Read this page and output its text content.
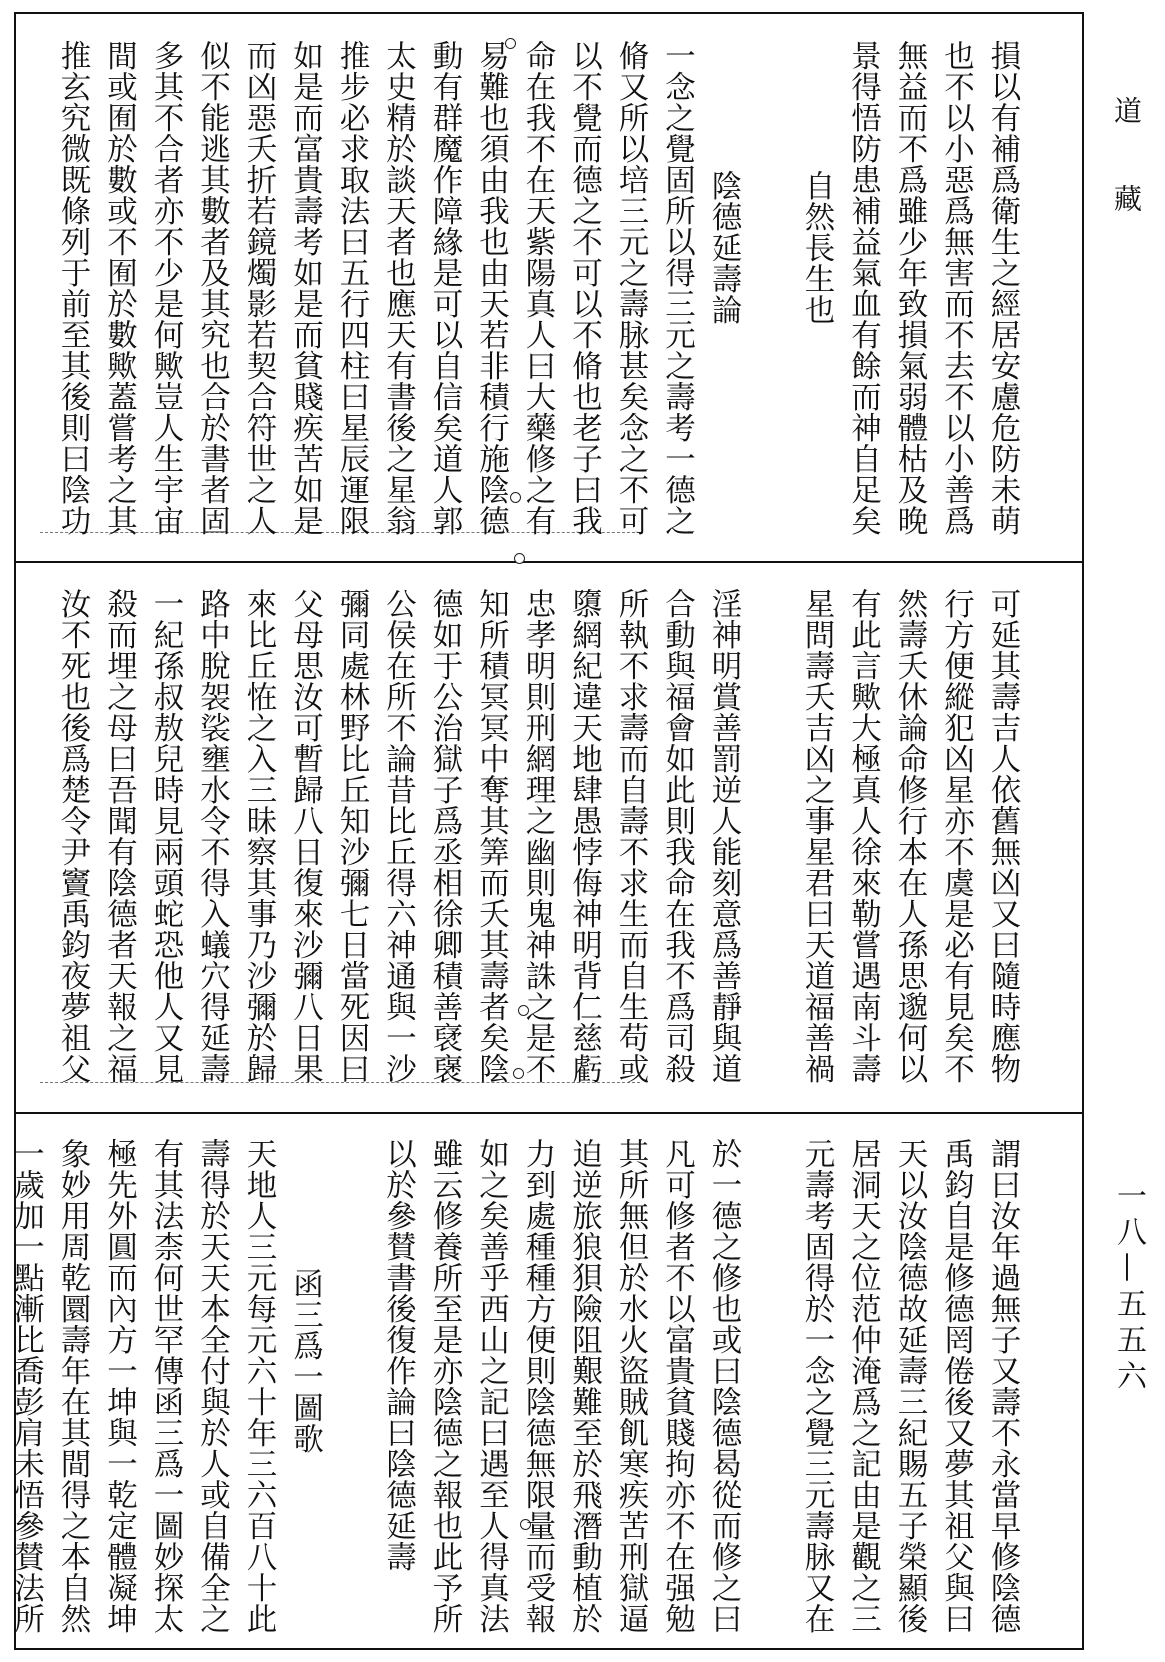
道藏
一八—五五六
損以有補爲衛生之經居安慮危防未萌
也不以小惡爲無害而不去不以小善爲
無益而不爲雖少年致損氣弱體枯及晚
景得悟防患補益氣血有餘而神自足矣
自然長生也
陰德延壽論
一念之覺固所以得三元之壽考一德之
脩又所以培三元之壽脉甚矣念之不可
以不覺而德之不可以不脩也老子曰我
命在我不在天紫陽真人曰大藥修之有
易難也須由我也由天若非積行施陰德
動有群魔作障緣是可以自信矣道人郭
太史精於談天者也應天有書後之星翁
推步必求取法曰五行四柱曰星辰運限
如是而富貴壽考如是而貧賤疾苦如是
而凶惡夭折若鏡燭影若契合符世之人
似不能逃其數者及其究也合於書者固
多其不合者亦不少是何歟豈人生宇宙
間或囿於數或不囿於數歟蓋嘗考之其
推玄究微既條列于前至其後則曰陰功
可延其壽吉人依舊無凶又曰隨時應物
行方便縱犯凶星亦不虞是必有見矣不
然壽夭休論命修行本在人孫思邈何以
有此言歟大極真人徐來勒嘗遇南斗壽
星問壽夭吉凶之事星君曰天道福善禍
淫神明賞善罰逆人能刻意爲善靜與道
合動與福會如此則我命在我不爲司殺
所執不求壽而自壽不求生而自生苟或
隳網紀違天地肆愚悖侮神明背仁慈虧
忠孝明則刑網理之幽則鬼神誅之是不
知所積冥冥中奪其筭而夭其壽者矣陰
德如于公治獄子爲丞相徐卿積善裦襃
公侯在所不論昔比丘得六神通與一沙
彌同處林野比丘知沙彌七日當死因曰
父母思汝可暫歸八日復來沙彌八日果
來比丘恠之入三昧察其事乃沙彌於歸
路中脫袈裟壅水令不得入蟻穴得延壽
一紀孫叔敖兒時見兩頭蛇恐他人又見
殺而埋之母曰吾聞有陰德者天報之福
汝不死也後爲楚令尹竇禹鈞夜夢祖父
謂曰汝年過無子又壽不永當早修陰德
禹鈞自是修德罔倦後又夢其祖父與曰
天以汝陰德故延壽三紀賜五子榮顯後
居洞天之位范仲淹爲之記由是觀之三
元壽考固得於一念之覺三元壽脉又在
於一德之修也或曰陰德曷從而修之曰
凡可修者不以富貴貧賤拘亦不在强勉
其所無但於水火盜賊飢寒疾苦刑獄逼
迫逆旅狼狽險阻艱難至於飛潛動植於
力到處種種方便則陰德無限量而受報
如之矣善乎西山之記曰遇至人得真法
雖云修養所至是亦陰德之報也此予所
以於參賛書後復作論曰陰德延壽
函三爲一圖歌
天地人三元每元六十年三六百八十此
壽得於天天本全付與於人或自備全之
有其法柰何世罕傳函三爲一圖妙探太
極先外圓而內方一坤與一乾定體凝坤
象妙用周乾圜壽年在其間得之本自然
一歲加一點漸比喬彭肩未悟參賛法所
